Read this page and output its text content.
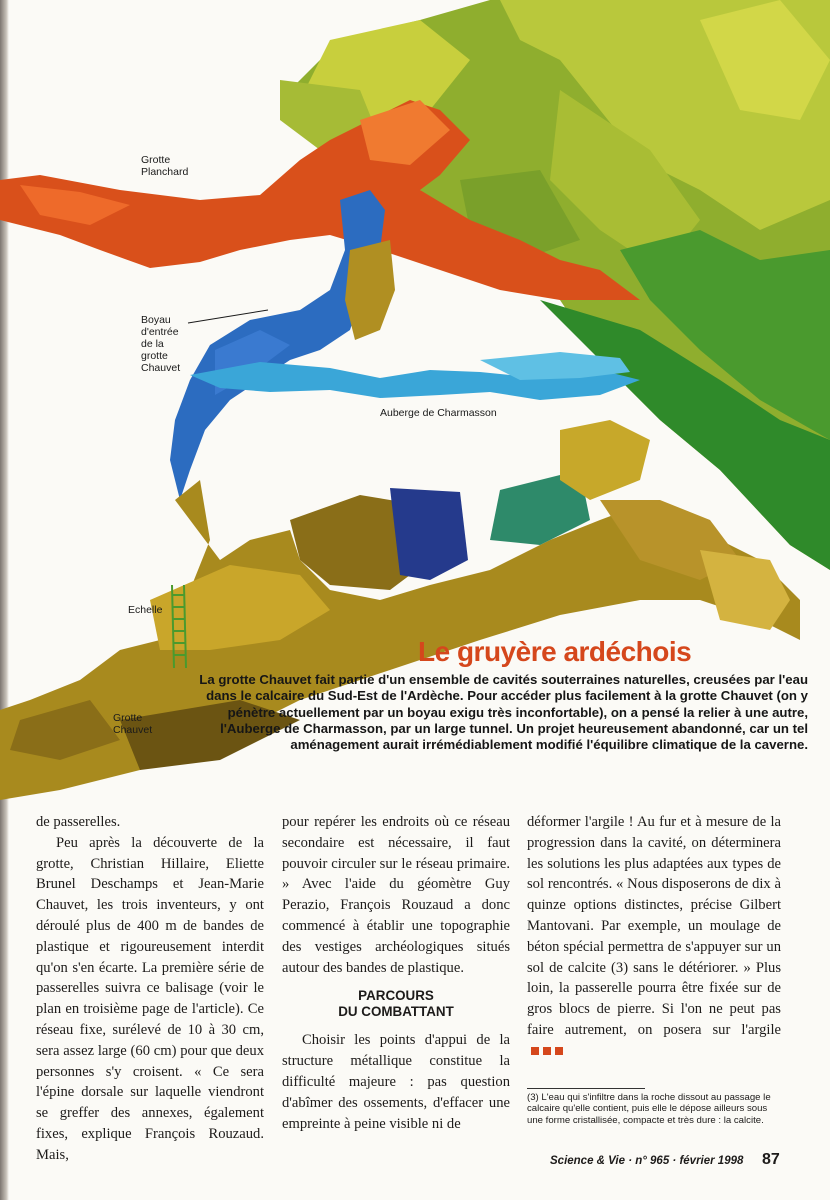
Grotte
Planchard
Boyau
d'entrée
de la
grotte
Chauvet
Auberge de Charmasson
Echelle
Grotte
Chauvet
Le gruyère ardéchois

La grotte Chauvet fait partie d'un ensemble de cavités souterraines naturelles, creusées par l'eau dans le calcaire du Sud-Est de l'Ardèche. Pour accéder plus facilement à la grotte Chauvet (on y pénètre actuellement par un boyau exigu très inconfortable), on a pensé la relier à une autre, l'Auberge de Charmasson, par un large tunnel. Un projet heureusement abandonné, car un tel aménagement aurait irrémédiablement modifié l'équilibre climatique de la caverne.

de passerelles.

Peu après la découverte de la grotte, Christian Hillaire, Eliette Brunel Deschamps et Jean-Marie Chauvet, les trois inventeurs, y ont déroulé plus de 400 m de bandes de plastique et rigoureusement interdit qu'on s'en écarte. La première série de passerelles suivra ce balisage (voir le plan en troisième page de l'article). Ce réseau fixe, surélevé de 10 à 30 cm, sera assez large (60 cm) pour que deux personnes s'y croisent. « Ce sera l'épine dorsale sur laquelle viendront se greffer des annexes, également fixes, explique François Rouzaud. Mais,

pour repérer les endroits où ce réseau secondaire est nécessaire, il faut pouvoir circuler sur le réseau primaire. » Avec l'aide du géomètre Guy Perazio, François Rouzaud a donc commencé à établir une topographie des vestiges archéologiques situés autour des bandes de plastique.

PARCOURS
DU COMBATTANT

Choisir les points d'appui de la structure métallique constitue la difficulté majeure : pas question d'abîmer des ossements, d'effacer une empreinte à peine visible ni de

déformer l'argile ! Au fur et à mesure de la progression dans la cavité, on déterminera les solutions les plus adaptées aux types de sol rencontrés. « Nous disposerons de dix à quinze options distinctes, précise Gilbert Mantovani. Par exemple, un moulage de béton spécial permettra de s'appuyer sur un sol de calcite (3) sans le détériorer. » Plus loin, la passerelle pourra être fixée sur de gros blocs de pierre. Si l'on ne peut pas faire autrement, on posera sur l'argile

(3) L'eau qui s'infiltre dans la roche dissout au passage le calcaire qu'elle contient, puis elle le dépose ailleurs sous une forme cristallisée, compacte et très dure : la calcite.

Science & Vie · n° 965 · février 1998 87
